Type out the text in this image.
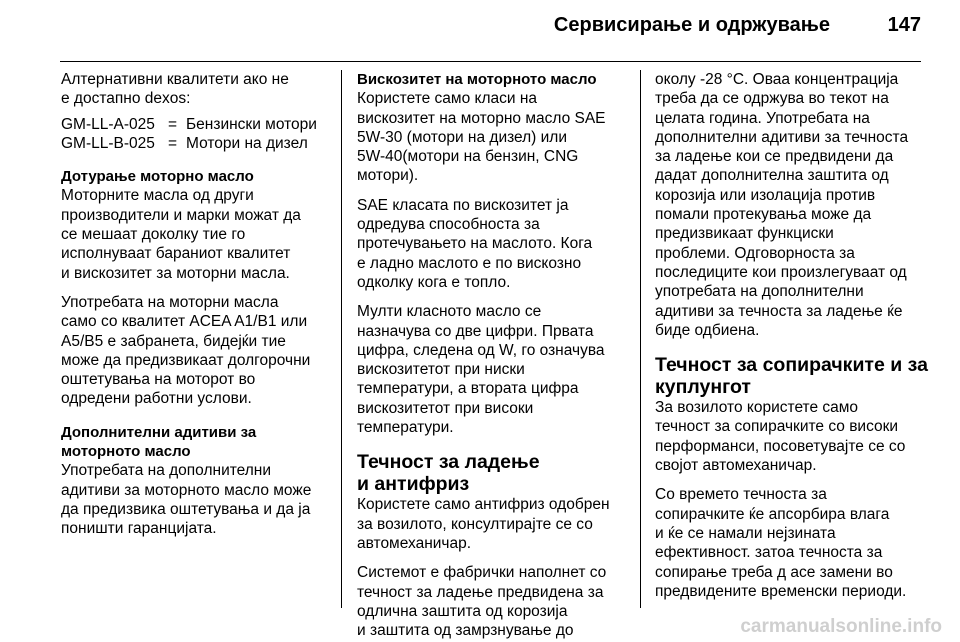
Сервисирање и одржување	147
Алтернативни квалитети ако не
е достапно dexos:
GM-LL-A-025 = Бензински мотори
GM-LL-B-025 = Мотори на дизел
Дотурање моторно масло
Моторните масла од други
производители и марки можат да
се мешаат доколку тие го
исполнуваат бараниот квалитет
и вискозитет за моторни масла.
Употребата на моторни масла
само со квалитет ACEA A1/B1 или
A5/B5 е забранета, бидејќи тие
може да предизвикаат долгорочни
оштетувања на моторот во
одредени работни услови.
Дополнителни адитиви за
моторното масло
Употребата на дополнителни
адитиви за моторното масло може
да предизвика оштетувања и да ја
поништи гаранцијата.
Вискозитет на моторното масло
Користете само класи на
вискозитет на моторно масло SAE
5W-30 (мотори на дизел) или
5W-40(мотори на бензин, CNG
мотори).
SAE класата по вискозитет ја
одредува способноста за
протечувањето на маслото. Кога
е ладно маслото е по вискозно
одколку кога е топло.
Мулти класното масло се
назначува со две цифри. Првата
цифра, следена од W, го означува
вискозитетот при ниски
температури, а втората цифра
вискозитетот при високи
температури.
Течност за ладење
и антифриз
Користете само антифриз одобрен
за возилото, консултирајте се со
автомеханичар.
Системот е фабрички наполнет со
течност за ладење предвидена за
одлична заштита од корозија
и заштита од замрзнување до
околу -28 °C. Оваа концентрација
треба да се одржува во текот на
целата година. Употребата на
дополнителни адитиви за течноста
за ладење кои се предвидени да
дадат дополнителна заштита од
корозија или изолација против
помали протекувања може да
предизвикаат функциски
проблеми. Одговорноста за
последиците кои произлегуваат од
употребата на дополнителни
адитиви за течноста за ладење ќе
биде одбиена.
Течност за сопирачките и за
куплунгот
За возилото користете само
течност за сопирачките со високи
перформанси, посоветувајте се со
својот автомеханичар.
Со времето течноста за
сопирачките ќе апсорбира влага
и ќе се намали нејзината
ефективност. затоа течноста за
сопирање треба д асе замени во
предвидените временски периоди.
carmanualsonline.info
